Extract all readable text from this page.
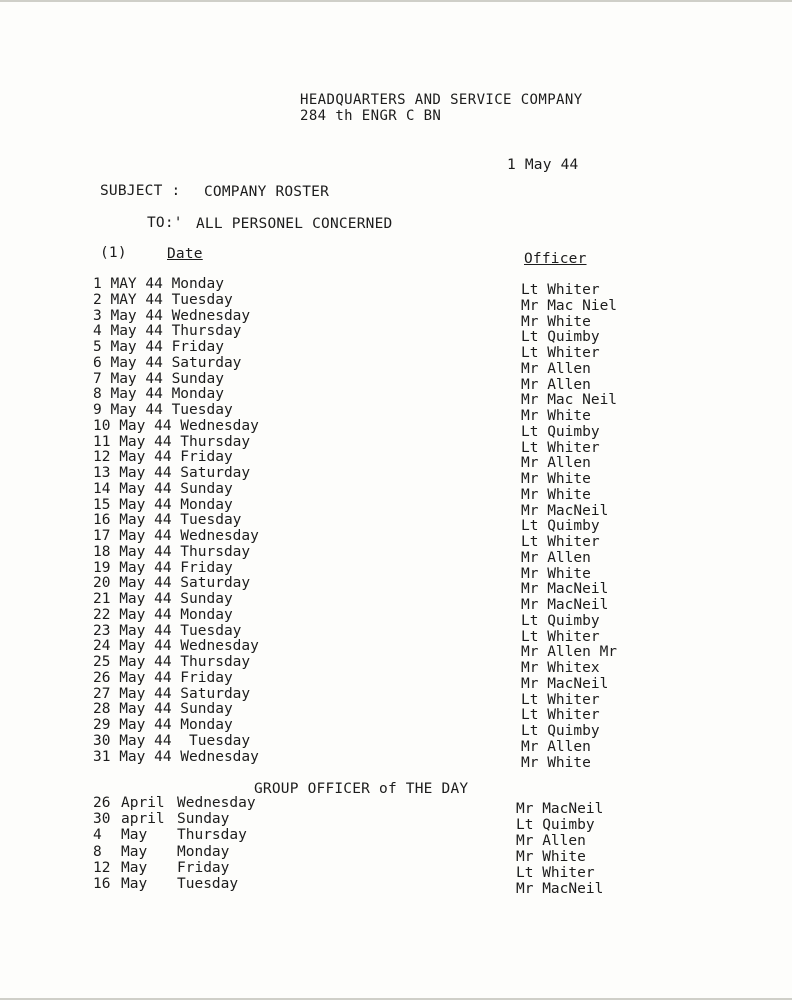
HEADQUARTERS AND SERVICE COMPANY
284 th ENGR C BN
1 May 44
SUBJECT : COMPANY ROSTER
TO:' ALL PERSONEL CONCERNED
(1)	Date	Officer
1 MAY 44 Monday
2 MAY 44 Tuesday
3 May 44 Wednesday
4 May 44 Thursday
5 May 44 Friday
6 May 44 Saturday
7 May 44 Sunday
8 May 44 Monday
9 May 44 Tuesday
10 May 44 Wednesday
11 May 44 Thursday
12 May 44 Friday
13 May 44 Saturday
14 May 44 Sunday
15 May 44 Monday
16 May 44 Tuesday
17 May 44 Wednesday
18 May 44 Thursday
19 May 44 Friday
20 May 44 Saturday
21 May 44 Sunday
22 May 44 Monday
23 May 44 Tuesday
24 May 44 Wednesday
25 May 44 Thursday
26 May 44 Friday
27 May 44 Saturday
28 May 44 Sunday
29 May 44 Monday
30 May 44  Tuesday
31 May 44 Wednesday
Lt Whiter
Mr Mac Niel
Mr White
Lt Quimby
Lt Whiter
Mr Allen
Mr Allen
Mr Mac Neil
Mr White
Lt Quimby
Lt Whiter
Mr Allen
Mr White
Mr White
Mr MacNeil
Lt Quimby
Lt Whiter
Mr Allen
Mr White
Mr MacNeil
Mr MacNeil
Lt Quimby
Lt Whiter
Mr Allen Mr
Mr Whitex
Mr MacNeil
Lt Whiter
Lt Whiter
Lt Quimby
Mr Allen
Mr White
GROUP OFFICER of THE DAY

26

April

Wednesday

30

april

Sunday

4

May

Thursday

8

May

Monday

12

May

Friday

16

May

Tuesday

Mr MacNeil
Lt Quimby
Mr Allen
Mr White
Lt Whiter
Mr MacNeil
